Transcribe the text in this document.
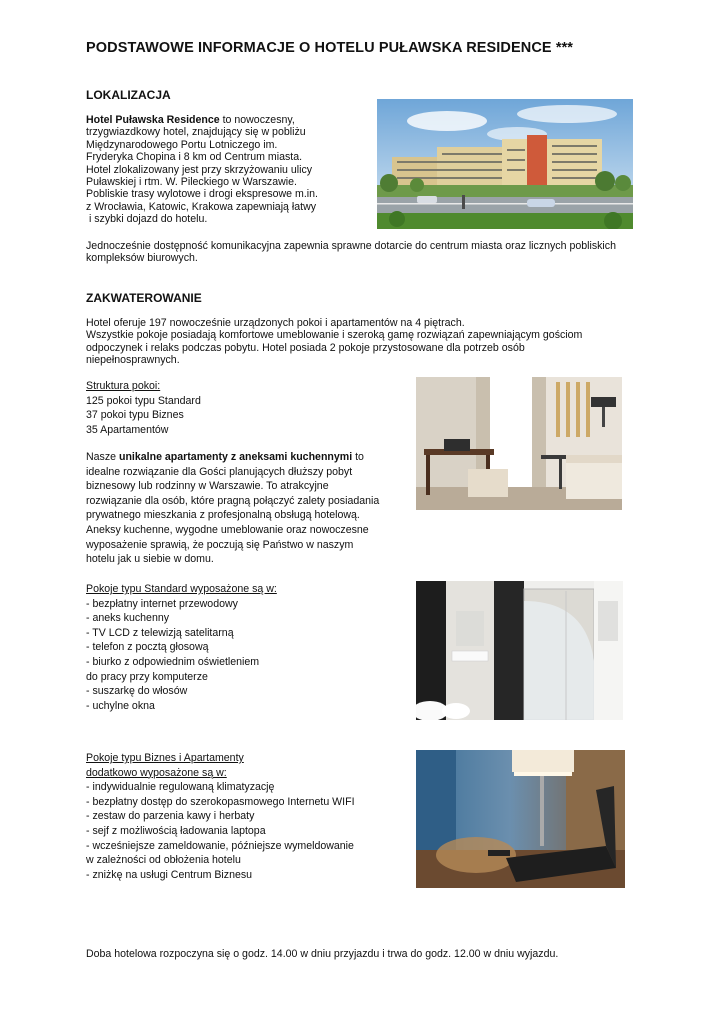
PODSTAWOWE INFORMACJE O HOTELU PUŁAWSKA RESIDENCE ***
LOKALIZACJA
Hotel Puławska Residence to nowoczesny,
trzygwiazdkowy hotel, znajdujący się w pobliżu
Międzynarodowego Portu Lotniczego im.
Fryderyka Chopina i 8 km od Centrum miasta.
Hotel zlokalizowany jest przy skrzyżowaniu ulicy
Puławskiej i rtm. W. Pileckiego w Warszawie.
Pobliskie trasy wylotowe i drogi ekspresowe m.in.
z Wrocławia, Katowic, Krakowa zapewniają łatwy
i szybki dojazd do hotelu.
Jednocześnie dostępność komunikacyjna zapewnia sprawne dotarcie do centrum miasta oraz licznych pobliskich
kompleksów biurowych.
ZAKWATEROWANIE
Hotel oferuje 197 nowocześnie urządzonych pokoi i apartamentów na 4 piętrach.
Wszystkie pokoje posiadają komfortowe umeblowanie i szeroką gamę rozwiązań zapewniającym gościom
odpoczynek i relaks podczas pobytu. Hotel posiada 2 pokoje przystosowane dla potrzeb osób
niepełnosprawnych.
Struktura pokoi:
125 pokoi typu Standard
37 pokoi typu Biznes
35 Apartamentów
Nasze unikalne apartamenty z aneksami kuchennymi to
idealne rozwiązanie dla Gości planujących dłuższy pobyt
biznesowy lub rodzinny w Warszawie. To atrakcyjne
rozwiązanie dla osób, które pragną połączyć zalety posiadania
prywatnego mieszkania z profesjonalną obsługą hotelową.
Aneksy kuchenne, wygodne umeblowanie oraz nowoczesne
wyposażenie sprawią, że poczują się Państwo w naszym
hotelu jak u siebie w domu.
Pokoje typu Standard wyposażone są w:
- bezpłatny internet przewodowy
- aneks kuchenny
- TV LCD z telewizją satelitarną
- telefon z pocztą głosową
- biurko z odpowiednim oświetleniem
do pracy przy komputerze
- suszarkę do włosów
- uchylne okna
Pokoje typu Biznes i Apartamenty
dodatkowo wyposażone są w:
- indywidualnie regulowaną klimatyzację
- bezpłatny dostęp do szerokopasmowego Internetu WIFI
- zestaw do parzenia kawy i herbaty
- sejf z możliwością ładowania laptopa
- wcześniejsze zameldowanie, późniejsze wymeldowanie
w zależności od obłożenia hotelu
- zniżkę na usługi Centrum Biznesu
Doba hotelowa rozpoczyna się o godz. 14.00 w dniu przyjazdu i trwa do godz. 12.00 w dniu wyjazdu.
